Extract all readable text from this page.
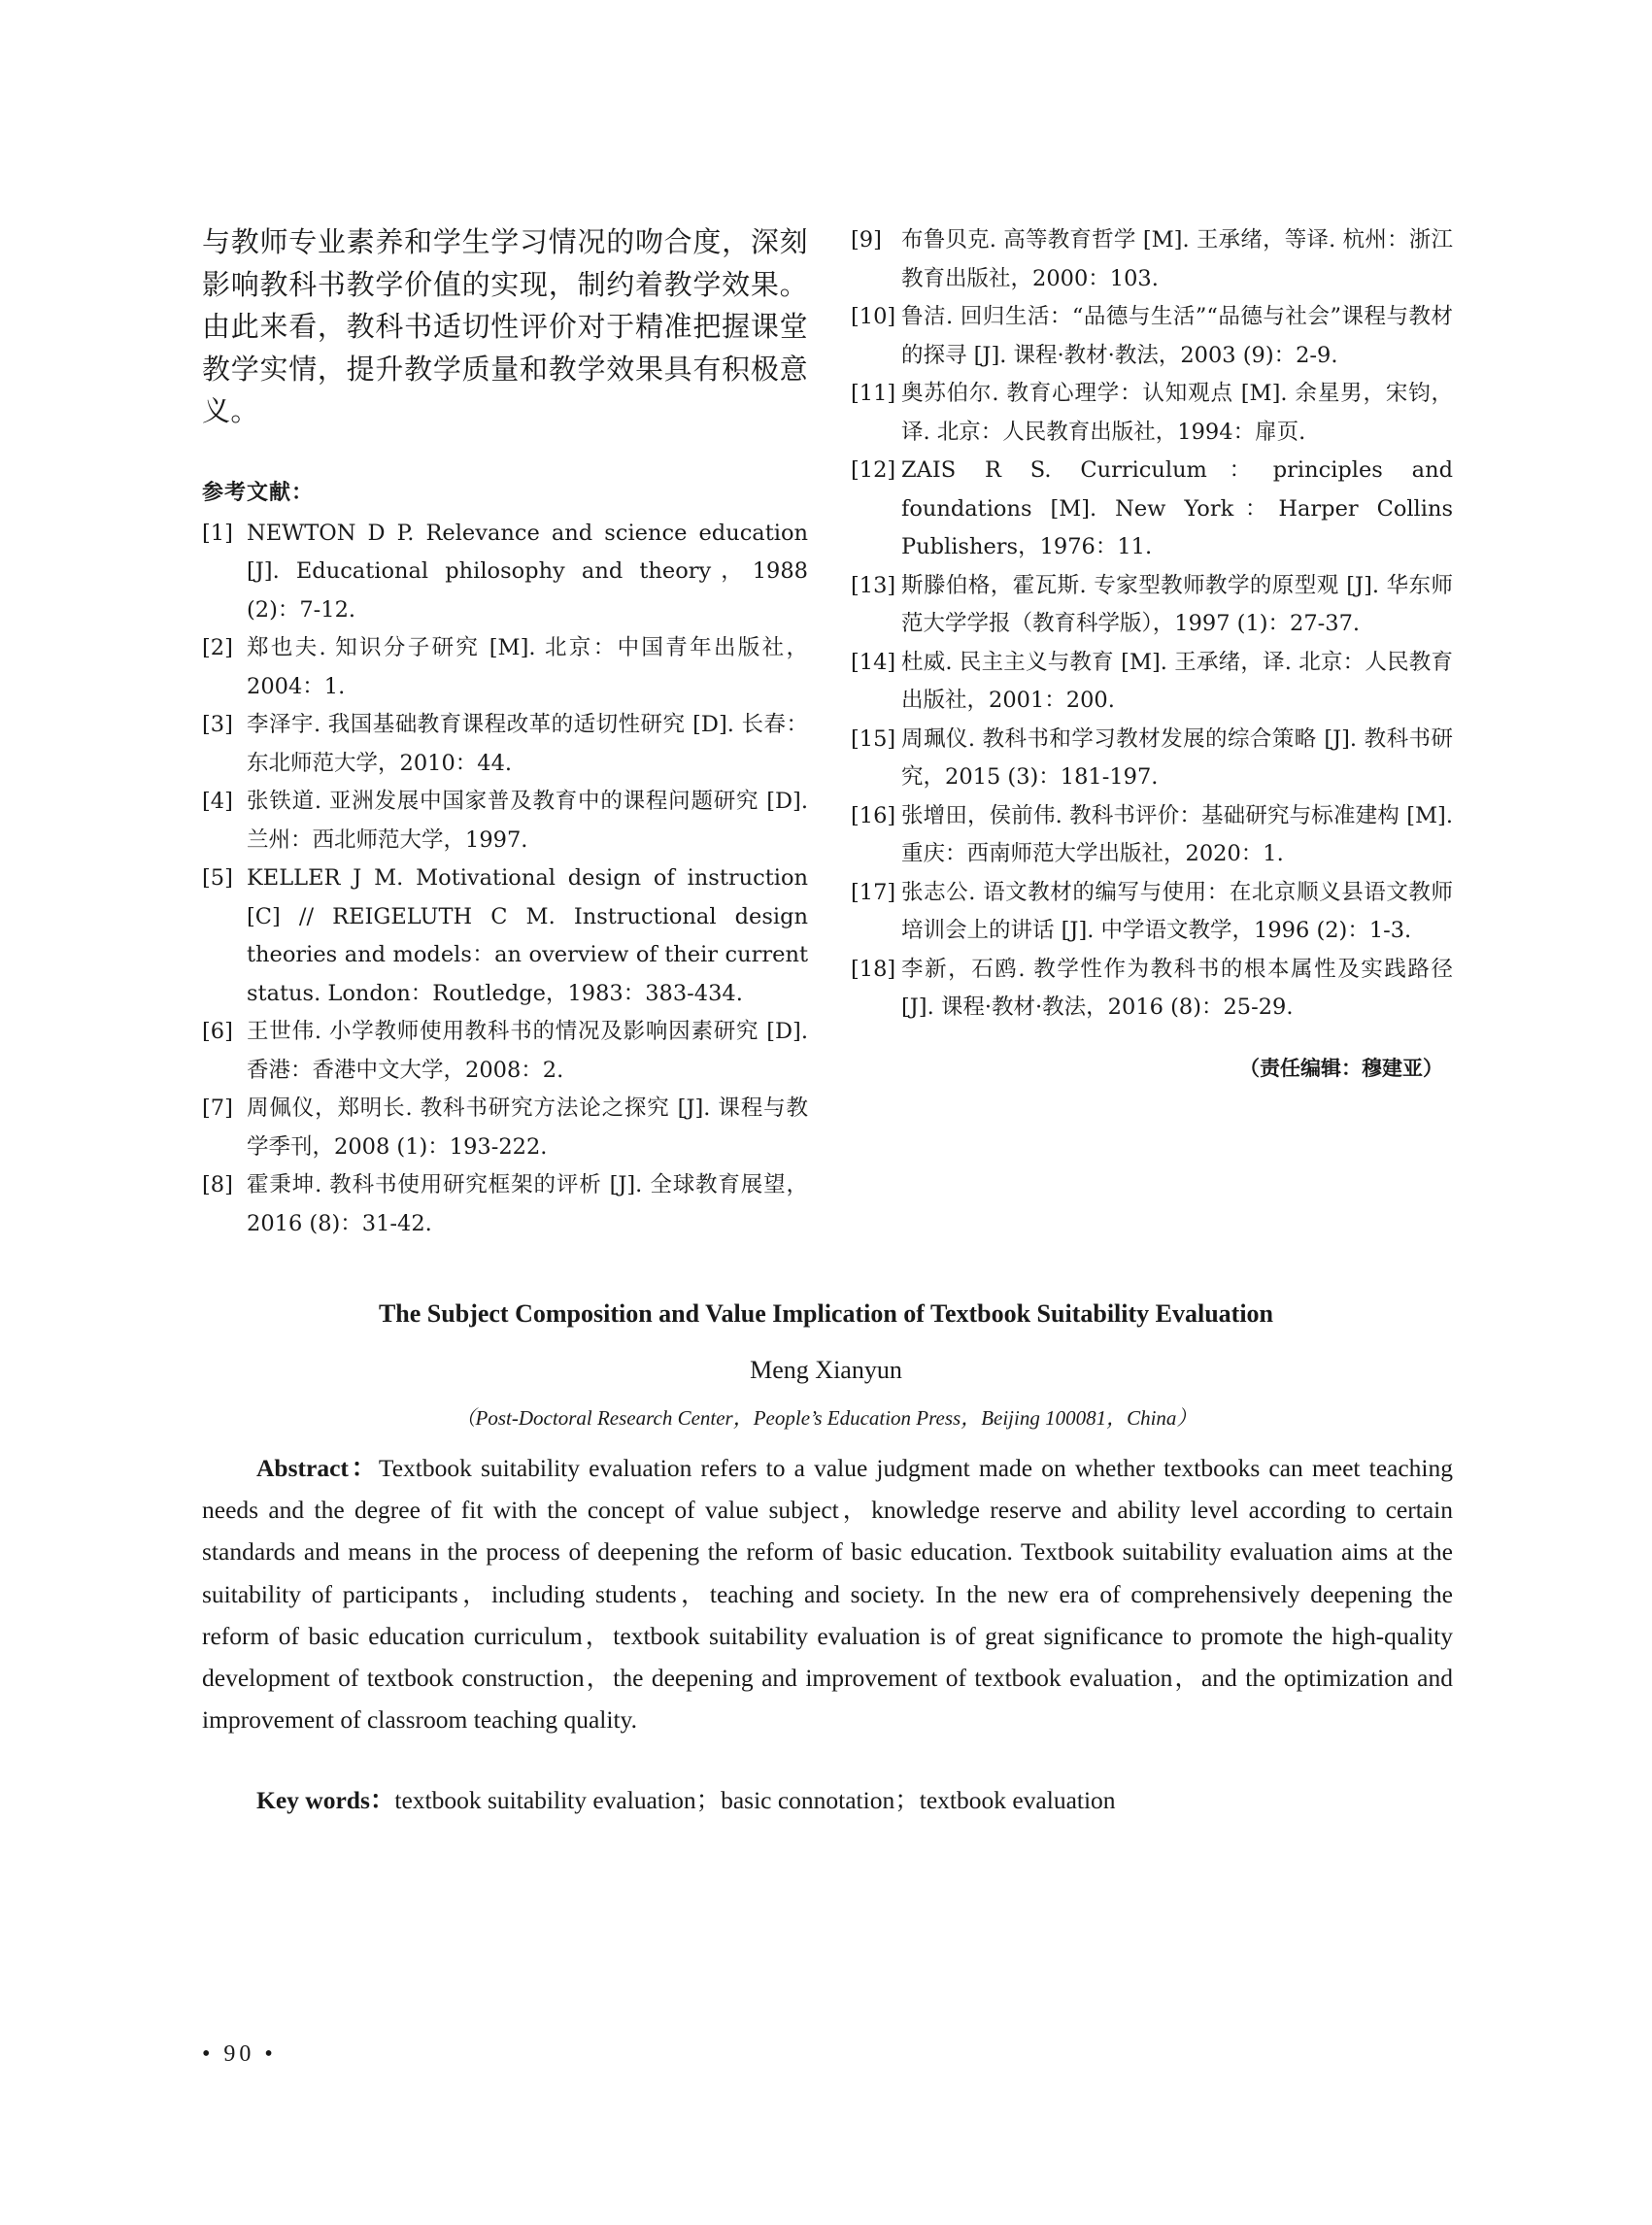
与教师专业素养和学生学习情况的吻合度，深刻影响教科书教学价值的实现，制约着教学效果。由此来看，教科书适切性评价对于精准把握课堂教学实情，提升教学质量和教学效果具有积极意义。

参考文献：
[1] NEWTON D P. Relevance and science education [J]. Educational philosophy and theory，1988 (2)：7-12.
[2] 郑也夫. 知识分子研究 [M]. 北京：中国青年出版社，2004：1.
[3] 李泽宇. 我国基础教育课程改革的适切性研究 [D]. 长春：东北师范大学，2010：44.
[4] 张铁道. 亚洲发展中国家普及教育中的课程问题研究 [D]. 兰州：西北师范大学，1997.
[5] KELLER J M. Motivational design of instruction [C] // REIGELUTH C M. Instructional design theories and models：an overview of their current status. London：Routledge，1983：383-434.
[6] 王世伟. 小学教师使用教科书的情况及影响因素研究 [D]. 香港：香港中文大学，2008：2.
[7] 周佩仪，郑明长. 教科书研究方法论之探究 [J]. 课程与教学季刊，2008 (1)：193-222.
[8] 霍秉坤. 教科书使用研究框架的评析 [J]. 全球教育展望，2016 (8)：31-42.
[9] 布鲁贝克. 高等教育哲学 [M]. 王承绪，等译. 杭州：浙江教育出版社，2000：103.
[10] 鲁洁. 回归生活：“品德与生活”“品德与社会”课程与教材的探寻 [J]. 课程·教材·教法，2003 (9)：2-9.
[11] 奥苏伯尔. 教育心理学：认知观点 [M]. 余星男，宋钧，译. 北京：人民教育出版社，1994：扉页.
[12] ZAIS R S. Curriculum：principles and foundations [M]. New York：Harper Collins Publishers，1976：11.
[13] 斯滕伯格，霍瓦斯. 专家型教师教学的原型观 [J]. 华东师范大学学报（教育科学版），1997 (1)：27-37.
[14] 杜威. 民主主义与教育 [M]. 王承绪，译. 北京：人民教育出版社，2001：200.
[15] 周珮仪. 教科书和学习教材发展的综合策略 [J]. 教科书研究，2015 (3)：181-197.
[16] 张增田，侯前伟. 教科书评价：基础研究与标准建构 [M]. 重庆：西南师范大学出版社，2020：1.
[17] 张志公. 语文教材的编写与使用：在北京顺义县语文教师培训会上的讲话 [J]. 中学语文教学，1996 (2)：1-3.
[18] 李新，石鸥. 教学性作为教科书的根本属性及实践路径 [J]. 课程·教材·教法，2016 (8)：25-29.
（责任编辑：穆建亚）
The Subject Composition and Value Implication of Textbook Suitability Evaluation
Meng Xianyun
（Post-Doctoral Research Center，People’s Education Press，Beijing 100081，China）

Abstract：Textbook suitability evaluation refers to a value judgment made on whether textbooks can meet teaching needs and the degree of fit with the concept of value subject，knowledge reserve and ability level according to certain standards and means in the process of deepening the reform of basic education. Textbook suitability evaluation aims at the suitability of participants，including students，teaching and society. In the new era of comprehensively deepening the reform of basic education curriculum，textbook suitability evaluation is of great significance to promote the high-quality development of textbook construction，the deepening and improvement of textbook evaluation，and the optimization and improvement of classroom teaching quality.

Key words：textbook suitability evaluation；basic connotation；textbook evaluation

• 90 •
